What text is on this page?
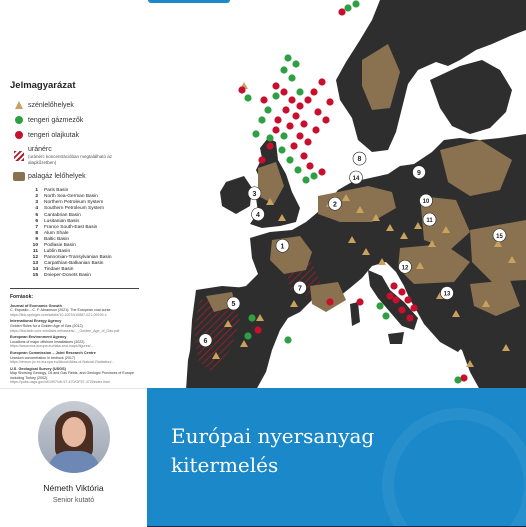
1
2
3
4
5
6
7
8
9
10
11
12
13
14
15
Jelmagyarázat
szénlelőhelyek
tengeri gázmezők
tengeri olajkutak
uránérc
(uránérc koncentrációban megtalálható az alapkőzetben)
palagáz lelőhelyek
1 Paris Basin
2 North Sea-German Basin
3 Northern Petroleum System
4 Southern Petroleum System
5 Cantabrian Basin
6 Lusitanian Basin
7 France South-East Basin
8 Alum Shale
9 Baltic Basin
10 Podlasie Basin
11 Lublin Basin
12 Pannonian-Transylvanian Basin
13 Carpathian-Balkanian Basin
14 Tindaer Basin
15 Dnieper-Donets Basin
Források:
Journal of Economic Growth
C. Esposito – C. F. Abramson (2021): The European coal curse.
https://link.springer.com/article/10.1007/s10887-021-09199-x
International Energy Agency
Golden Rules for a Golden Age of Gas (2012)
https://iea.blob.core.windows.net/assets/..._Golden_Age_of_Gas.pdf
European Environment Agency
Locations of major offshore installations (2022)
https://www.eea.europa.eu/data-and-maps/figures/...
European Commission – Joint Research Centre
Uranium concentration in bedrock (2017)
https://remon.jrc.ec.europa.eu/About/Atlas-of-Natural-Radiation/...
U.S. Geological Survey (USGS)
Map Showing Geology, Oil and Gas Fields, and Geologic Provinces of Europe including Turkey (2002)
https://pubs.usgs.gov/of/1997/ofr-97-470/OF97-470I/index.html
Németh Viktória
Senior kutató
Európai nyersanyag
kitermelés
